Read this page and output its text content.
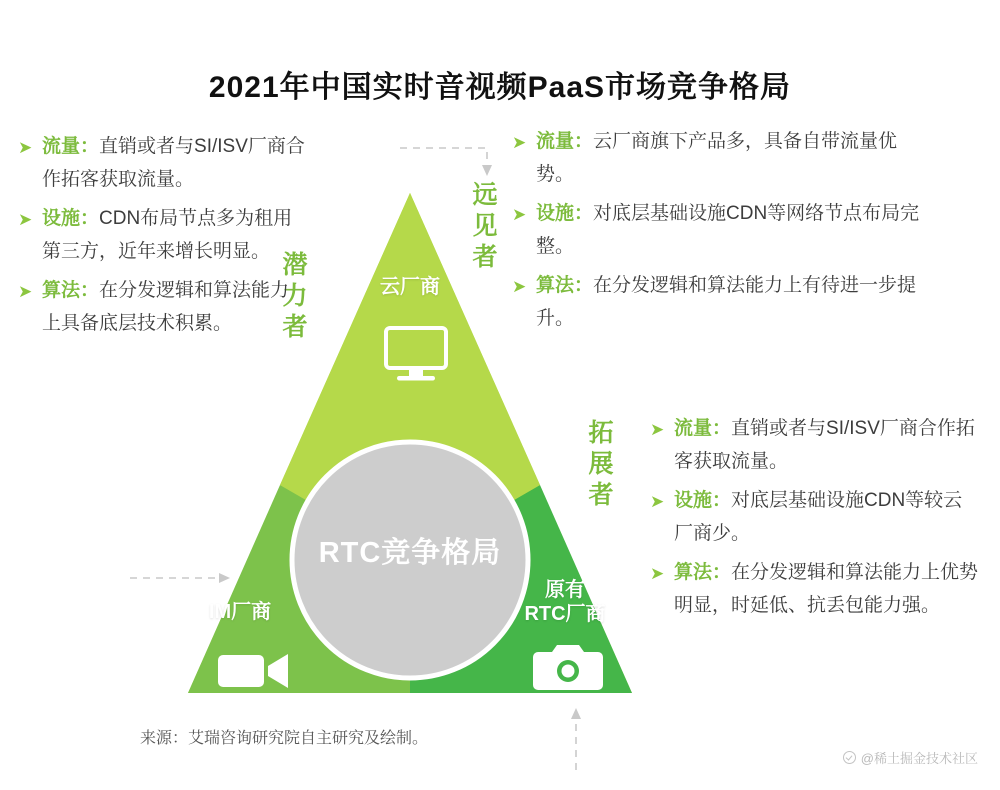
2021年中国实时音视频PaaS市场竞争格局
RTC竞争格局
云厂商
IM厂商
原有
RTC厂商
潜
力
者
远
见
者
拓
展
者
➤ 流量：直销或者与SI/ISV厂商合作拓客获取流量。
➤ 设施：CDN布局节点多为租用第三方，近年来增长明显。
➤ 算法：在分发逻辑和算法能力上具备底层技术积累。
➤ 流量：云厂商旗下产品多，具备自带流量优势。
➤ 设施：对底层基础设施CDN等网络节点布局完整。
➤ 算法：在分发逻辑和算法能力上有待进一步提升。
➤ 流量：直销或者与SI/ISV厂商合作拓客获取流量。
➤ 设施：对底层基础设施CDN等较云厂商少。
➤ 算法：在分发逻辑和算法能力上优势明显，时延低、抗丢包能力强。
来源：艾瑞咨询研究院自主研究及绘制。
@稀土掘金技术社区
